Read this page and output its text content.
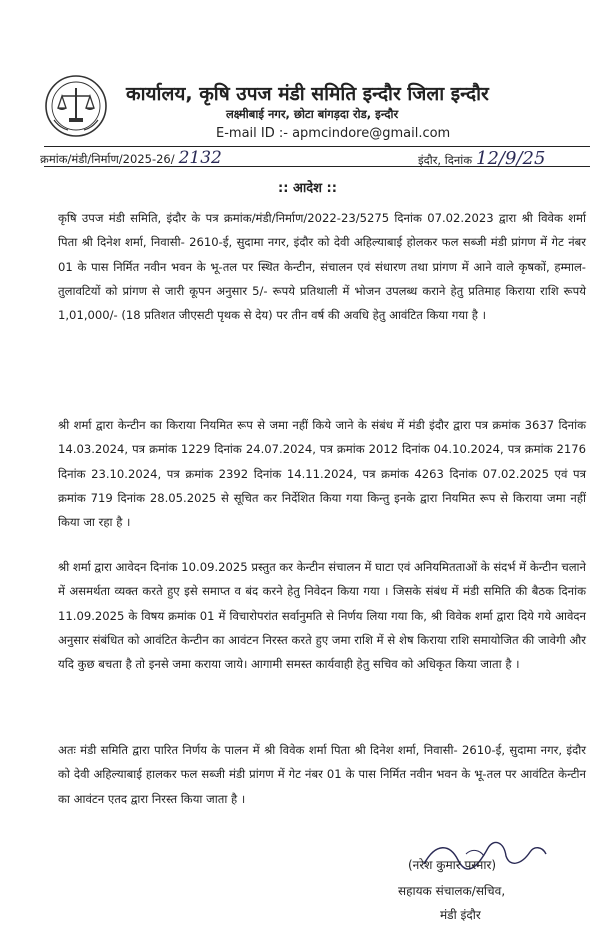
कार्यालय, कृषि उपज मंडी समिति इन्दौर जिला इन्दौर
लक्ष्मीबाई नगर, छोटा बांगड़दा रोड, इन्दौर
E-mail ID :- apmcindore@gmail.com
क्रमांक/मंडी/निर्माण/2025-26/ 2132	इंदौर, दिनांक 12/9/25
:: आदेश ::
कृषि उपज मंडी समिति, इंदौर के पत्र क्रमांक/मंडी/निर्माण/2022-23/5275 दिनांक 07.02.2023 द्वारा श्री विवेक शर्मा पिता श्री दिनेश शर्मा, निवासी- 2610-ई, सुदामा नगर, इंदौर को देवी अहिल्याबाई होलकर फल सब्जी मंडी प्रांगण में गेट नंबर 01 के पास निर्मित नवीन भवन के भू-तल पर स्थित केन्टीन, संचालन एवं संधारण तथा प्रांगण में आने वाले कृषकों, हम्माल-तुलावटियों को प्रांगण से जारी कूपन अनुसार 5/- रूपये प्रतिथाली में भोजन उपलब्ध कराने हेतु प्रतिमाह किराया राशि रूपये 1,01,000/- (18 प्रतिशत जीएसटी पृथक से देय) पर तीन वर्ष की अवधि हेतु आवंटित किया गया है ।
श्री शर्मा द्वारा केन्टीन का किराया नियमित रूप से जमा नहीं किये जाने के संबंध में मंडी इंदौर द्वारा पत्र क्रमांक 3637 दिनांक 14.03.2024, पत्र क्रमांक 1229 दिनांक 24.07.2024, पत्र क्रमांक 2012 दिनांक 04.10.2024, पत्र क्रमांक 2176 दिनांक 23.10.2024, पत्र क्रमांक 2392 दिनांक 14.11.2024, पत्र क्रमांक 4263 दिनांक 07.02.2025 एवं पत्र क्रमांक 719 दिनांक 28.05.2025 से सूचित कर निर्देशित किया गया किन्तु इनके द्वारा नियमित रूप से किराया जमा नहीं किया जा रहा है ।
श्री शर्मा द्वारा आवेदन दिनांक 10.09.2025 प्रस्तुत कर केन्टीन संचालन में घाटा एवं अनियमितताओं के संदर्भ में केन्टीन चलाने में असमर्थता व्यक्त करते हुए इसे समाप्त व बंद करने हेतु निवेदन किया गया । जिसके संबंध में मंडी समिति की बैठक दिनांक 11.09.2025 के विषय क्रमांक 01 में विचारोपरांत सर्वानुमति से निर्णय लिया गया कि, श्री विवेक शर्मा द्वारा दिये गये आवेदन अनुसार संबंधित को आवंटित केन्टीन का आवंटन निरस्त करते हुए जमा राशि में से शेष किराया राशि समायोजित की जावेगी और यदि कुछ बचता है तो इनसे जमा कराया जाये। आगामी समस्त कार्यवाही हेतु सचिव को अधिकृत किया जाता है ।
अतः मंडी समिति द्वारा पारित निर्णय के पालन में श्री विवेक शर्मा पिता श्री दिनेश शर्मा, निवासी- 2610-ई, सुदामा नगर, इंदौर को देवी अहिल्याबाई हालकर फल सब्जी मंडी प्रांगण में गेट नंबर 01 के पास निर्मित नवीन भवन के भू-तल पर आवंटित केन्टीन का आवंटन एतद द्वारा निरस्त किया जाता है ।
(नरेश कुमार परमार)
सहायक संचालक/सचिव,
मंडी इंदौर
